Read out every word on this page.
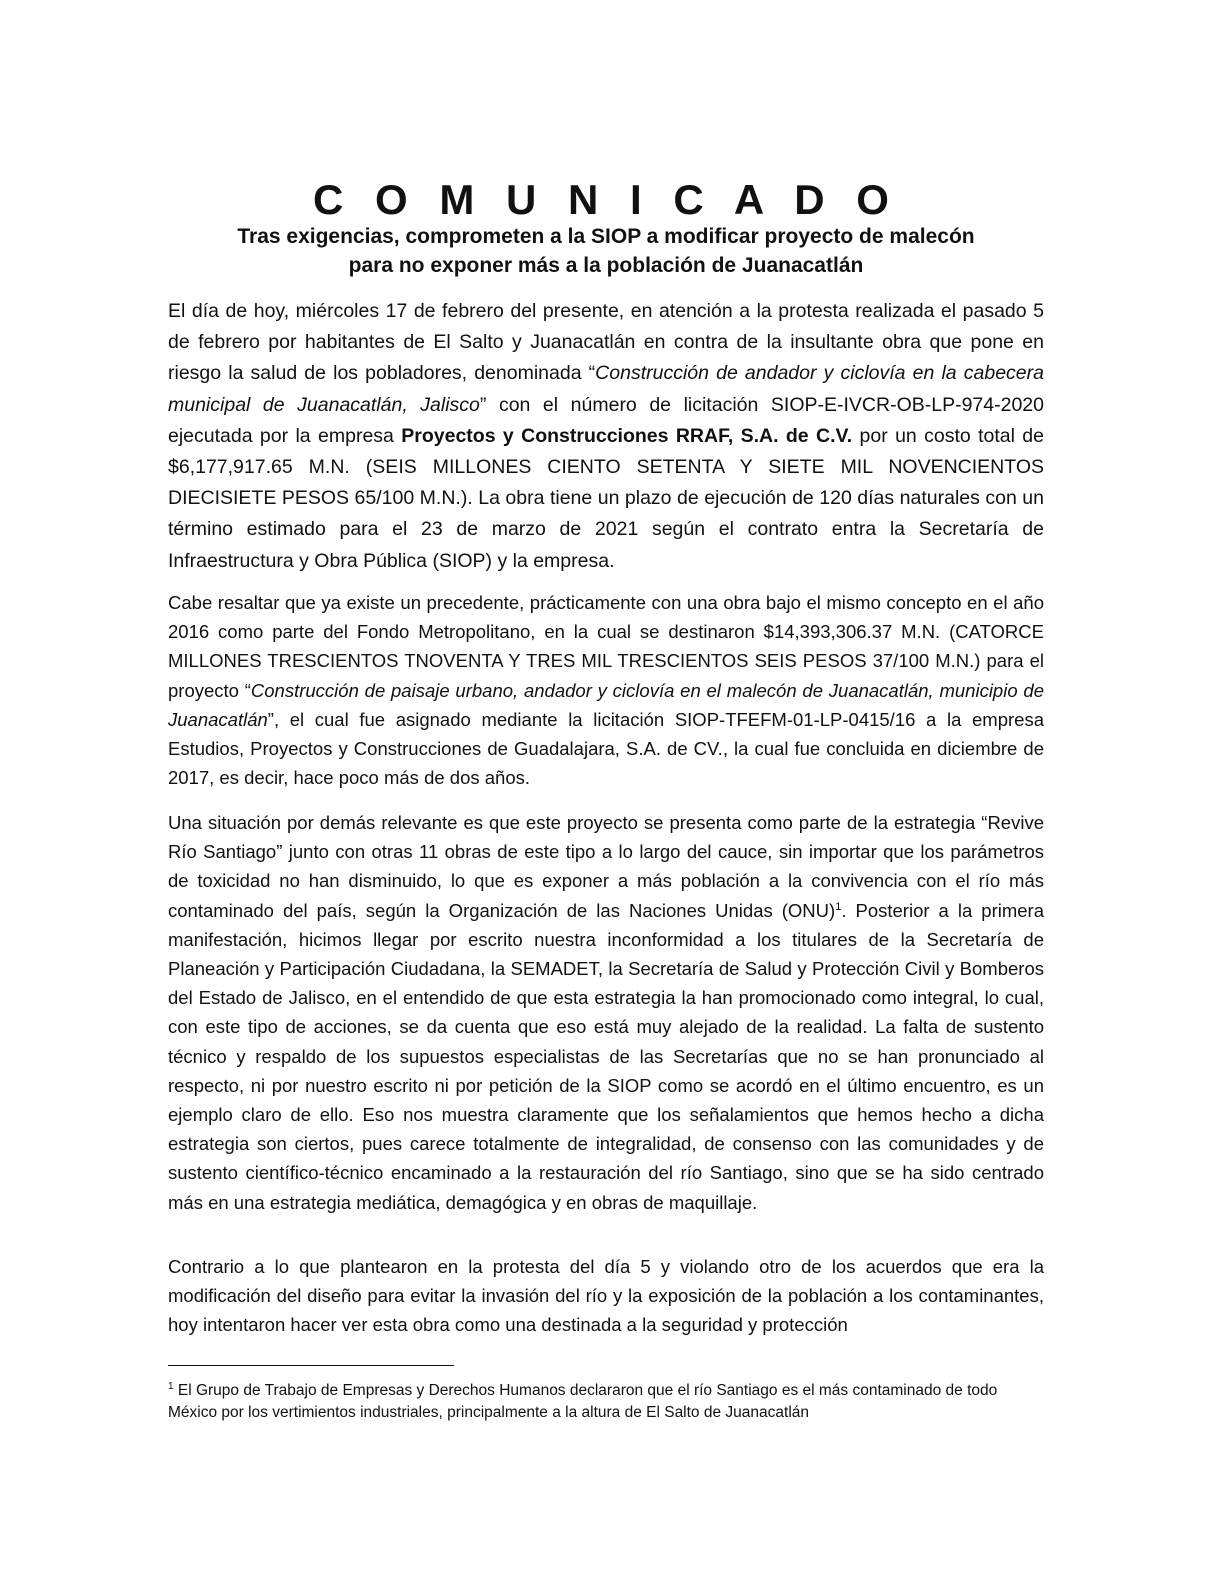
C O M U N I C A D O
Tras exigencias, comprometen a la SIOP a modificar proyecto de malecón
para no exponer más a la población de Juanacatlán

El día de hoy, miércoles 17 de febrero del presente, en atención a la protesta realizada el pasado 5 de febrero por habitantes de El Salto y Juanacatlán en contra de la insultante obra que pone en riesgo la salud de los pobladores, denominada “Construcción de andador y ciclovía en la cabecera municipal de Juanacatlán, Jalisco” con el número de licitación SIOP-E-IVCR-OB-LP-974-2020 ejecutada por la empresa Proyectos y Construcciones RRAF, S.A. de C.V. por un costo total de $6,177,917.65 M.N. (SEIS MILLONES CIENTO SETENTA Y SIETE MIL NOVENCIENTOS DIECISIETE PESOS 65/100 M.N.). La obra tiene un plazo de ejecución de 120 días naturales con un término estimado para el 23 de marzo de 2021 según el contrato entra la Secretaría de Infraestructura y Obra Pública (SIOP) y la empresa.

Cabe resaltar que ya existe un precedente, prácticamente con una obra bajo el mismo concepto en el año 2016 como parte del Fondo Metropolitano, en la cual se destinaron $14,393,306.37 M.N. (CATORCE MILLONES TRESCIENTOS TNOVENTA Y TRES MIL TRESCIENTOS SEIS PESOS 37/100 M.N.) para el proyecto “Construcción de paisaje urbano, andador y ciclovía en el malecón de Juanacatlán, municipio de Juanacatlán”, el cual fue asignado mediante la licitación SIOP-TFEFM-01-LP-0415/16 a la empresa Estudios, Proyectos y Construcciones de Guadalajara, S.A. de CV., la cual fue concluida en diciembre de 2017, es decir, hace poco más de dos años.

Una situación por demás relevante es que este proyecto se presenta como parte de la estrategia “Revive Río Santiago” junto con otras 11 obras de este tipo a lo largo del cauce, sin importar que los parámetros de toxicidad no han disminuido, lo que es exponer a más población a la convivencia con el río más contaminado del país, según la Organización de las Naciones Unidas (ONU)$^1$. Posterior a la primera manifestación, hicimos llegar por escrito nuestra inconformidad a los titulares de la Secretaría de Planeación y Participación Ciudadana, la SEMADET, la Secretaría de Salud y Protección Civil y Bomberos del Estado de Jalisco, en el entendido de que esta estrategia la han promocionado como integral, lo cual, con este tipo de acciones, se da cuenta que eso está muy alejado de la realidad. La falta de sustento técnico y respaldo de los supuestos especialistas de las Secretarías que no se han pronunciado al respecto, ni por nuestro escrito ni por petición de la SIOP como se acordó en el último encuentro, es un ejemplo claro de ello. Eso nos muestra claramente que los señalamientos que hemos hecho a dicha estrategia son ciertos, pues carece totalmente de integralidad, de consenso con las comunidades y de sustento científico-técnico encaminado a la restauración del río Santiago, sino que se ha sido centrado más en una estrategia mediática, demagógica y en obras de maquillaje.

Contrario a lo que plantearon en la protesta del día 5 y violando otro de los acuerdos que era la modificación del diseño para evitar la invasión del río y la exposición de la población a los contaminantes, hoy intentaron hacer ver esta obra como una destinada a la seguridad y protección

$^1$ El Grupo de Trabajo de Empresas y Derechos Humanos declararon que el río Santiago es el más contaminado de todo México por los vertimientos industriales, principalmente a la altura de El Salto de Juanacatlán
